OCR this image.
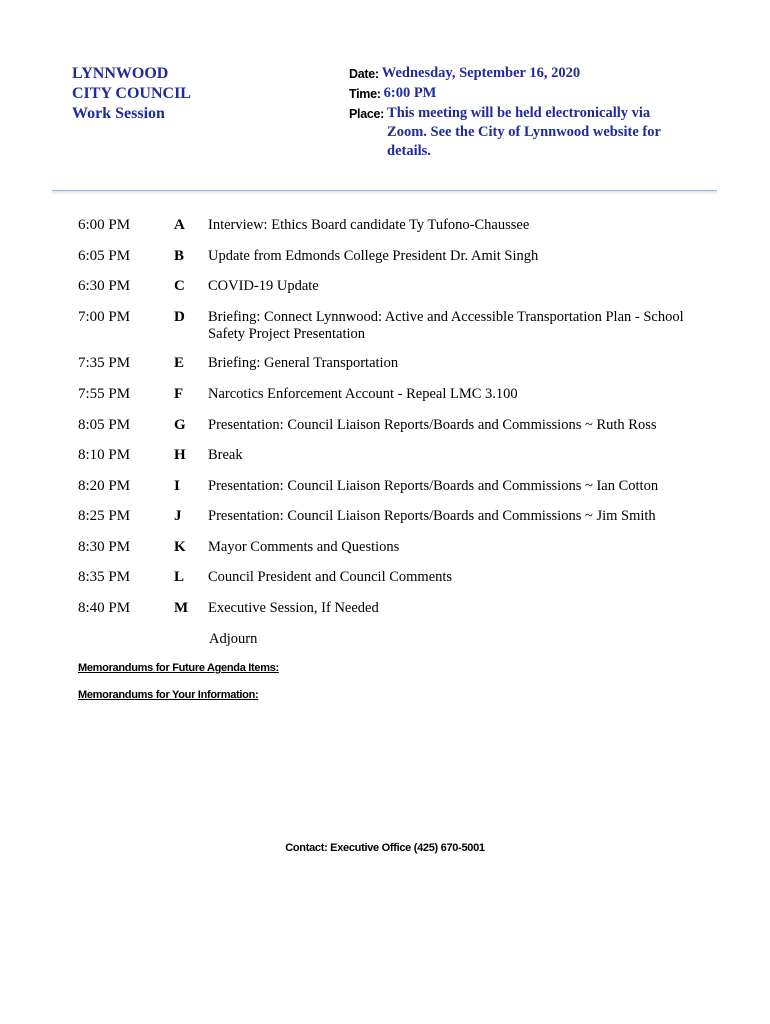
LYNNWOOD
CITY COUNCIL
Work Session
Date: Wednesday, September 16, 2020
Time: 6:00 PM
Place: This meeting will be held electronically via Zoom. See the City of Lynnwood website for details.
6:00 PM	A	Interview: Ethics Board candidate Ty Tufono-Chaussee
6:05 PM	B	Update from Edmonds College President Dr. Amit Singh
6:30 PM	C	COVID-19 Update
7:00 PM	D	Briefing: Connect Lynnwood: Active and Accessible Transportation Plan - School Safety Project Presentation
7:35 PM	E	Briefing: General Transportation
7:55 PM	F	Narcotics Enforcement Account - Repeal LMC 3.100
8:05 PM	G	Presentation: Council Liaison Reports/Boards and Commissions ~ Ruth Ross
8:10 PM	H	Break
8:20 PM	I	Presentation: Council Liaison Reports/Boards and Commissions ~ Ian Cotton
8:25 PM	J	Presentation: Council Liaison Reports/Boards and Commissions ~ Jim Smith
8:30 PM	K	Mayor Comments and Questions
8:35 PM	L	Council President and Council Comments
8:40 PM	M	Executive Session, If Needed
Adjourn
Memorandums for Future Agenda Items:
Memorandums for Your Information:
Contact: Executive Office (425) 670-5001
